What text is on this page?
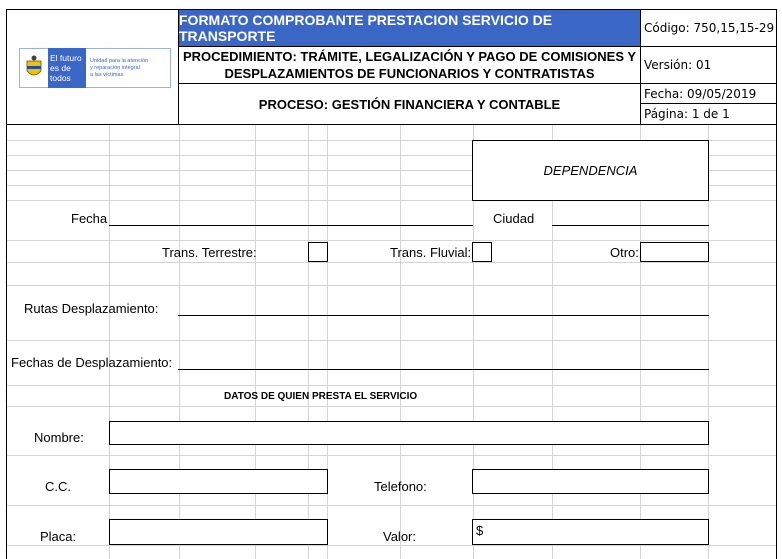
El futuro
es de todos
Unidad para la atención
y reparación integral
a las víctimas
FORMATO COMPROBANTE PRESTACION SERVICIO DE TRANSPORTE
PROCEDIMIENTO: TRÁMITE, LEGALIZACIÓN Y PAGO DE COMISIONES Y
DESPLAZAMIENTOS DE FUNCIONARIOS Y CONTRATISTAS
PROCESO: GESTIÓN FINANCIERA Y CONTABLE
Código: 750,15,15-29
Versión: 01
Fecha: 09/05/2019
Página: 1 de 1
DEPENDENCIA
Fecha	Ciudad
Trans. Terrestre:	Trans. Fluvial:	Otro:
Rutas Desplazamiento:
Fechas de Desplazamiento:
DATOS DE QUIEN PRESTA EL SERVICIO
Nombre:
C.C.	Telefono:
Placa:	Valor:	$
